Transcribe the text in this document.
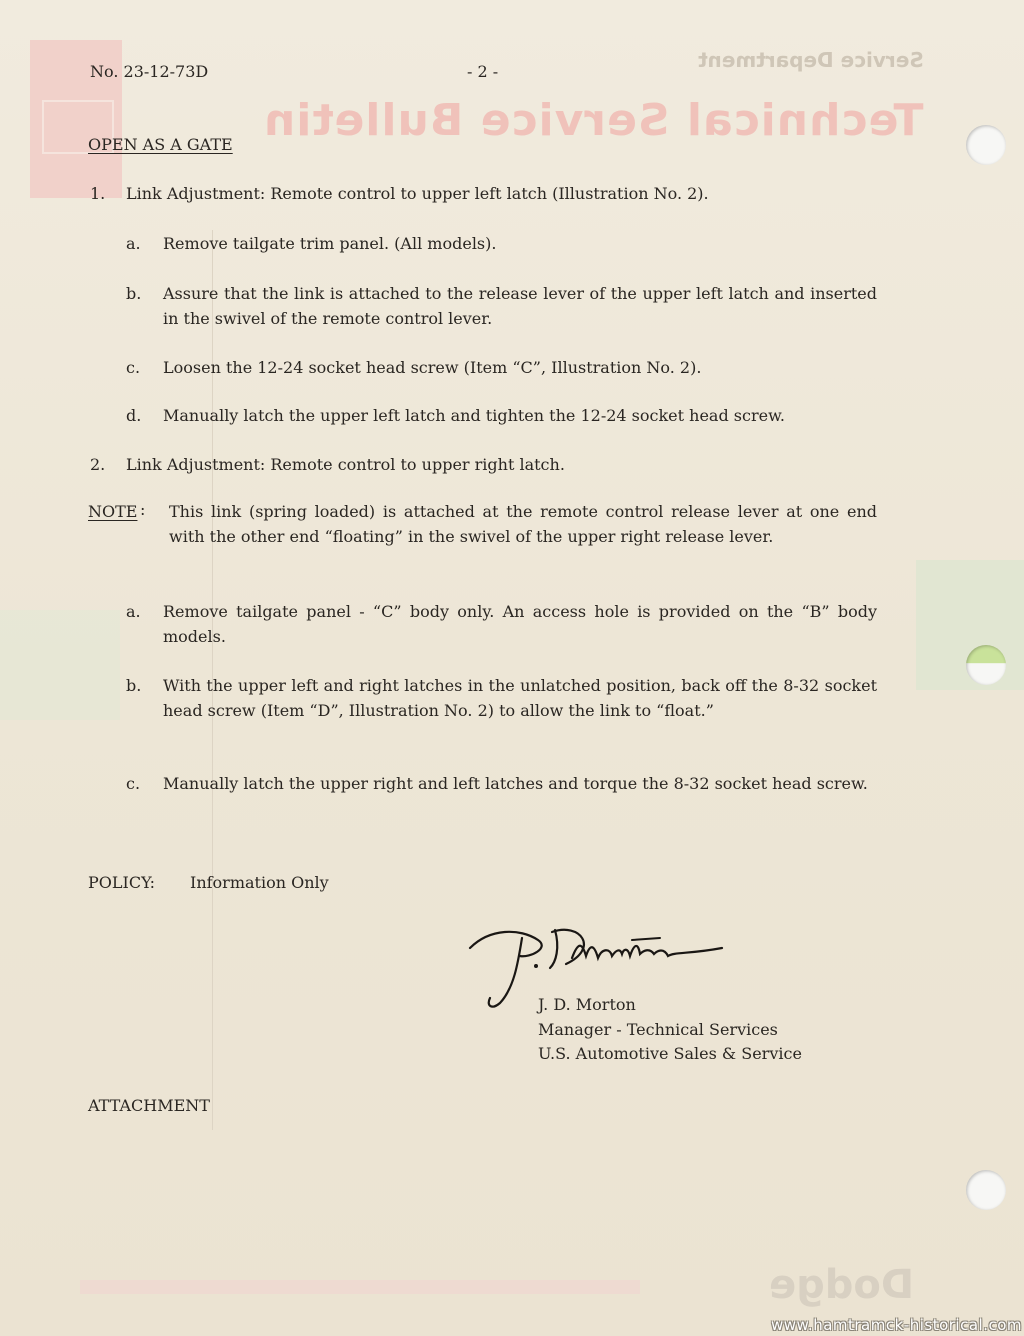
Service Department
Technical Service Bulletin
Dodge
No. 23-12-73D	- 2 -
OPEN AS A GATE
1. Link Adjustment: Remote control to upper left latch (Illustration No. 2).
a. Remove tailgate trim panel. (All models).
b. Assure that the link is attached to the release lever of the upper left latch and inserted in the swivel of the remote control lever.
c. Loosen the 12-24 socket head screw (Item “C”, Illustration No. 2).
d. Manually latch the upper left latch and tighten the 12-24 socket head screw.
2. Link Adjustment: Remote control to upper right latch.
NOTE : This link (spring loaded) is attached at the remote control release lever at one end with the other end “floating” in the swivel of the upper right release lever.
a. Remove tailgate panel - “C” body only. An access hole is provided on the “B” body models.
b. With the upper left and right latches in the unlatched position, back off the 8-32 socket head screw (Item “D”, Illustration No. 2) to allow the link to “float.”
c. Manually latch the upper right and left latches and torque the 8-32 socket head screw.
POLICY: Information Only
J. D. Morton
Manager - Technical Services
U.S. Automotive Sales & Service
ATTACHMENT
www.hamtramck-historical.com
